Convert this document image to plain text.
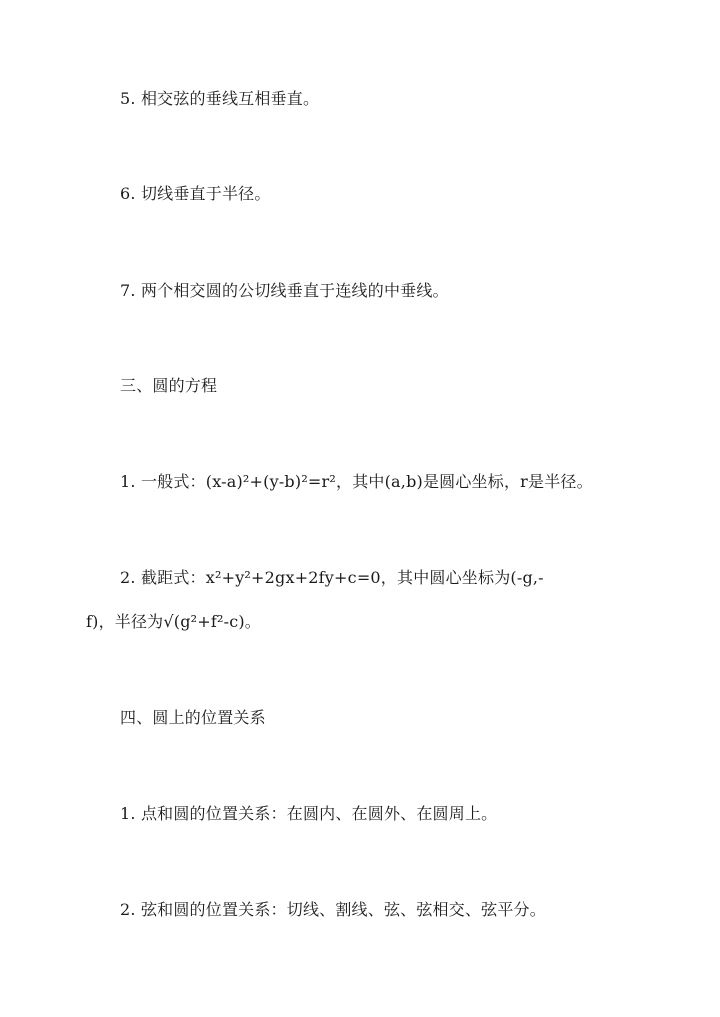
5. 相交弦的垂线互相垂直。
6. 切线垂直于半径。
7. 两个相交圆的公切线垂直于连线的中垂线。
三、圆的方程
1. 一般式：(x-a)²+(y-b)²=r²，其中(a,b)是圆心坐标，r是半径。
2. 截距式：x²+y²+2gx+2fy+c=0，其中圆心坐标为(-g,-
f)，半径为√(g²+f²-c)。
四、圆上的位置关系
1. 点和圆的位置关系：在圆内、在圆外、在圆周上。
2. 弦和圆的位置关系：切线、割线、弦、弦相交、弦平分。
